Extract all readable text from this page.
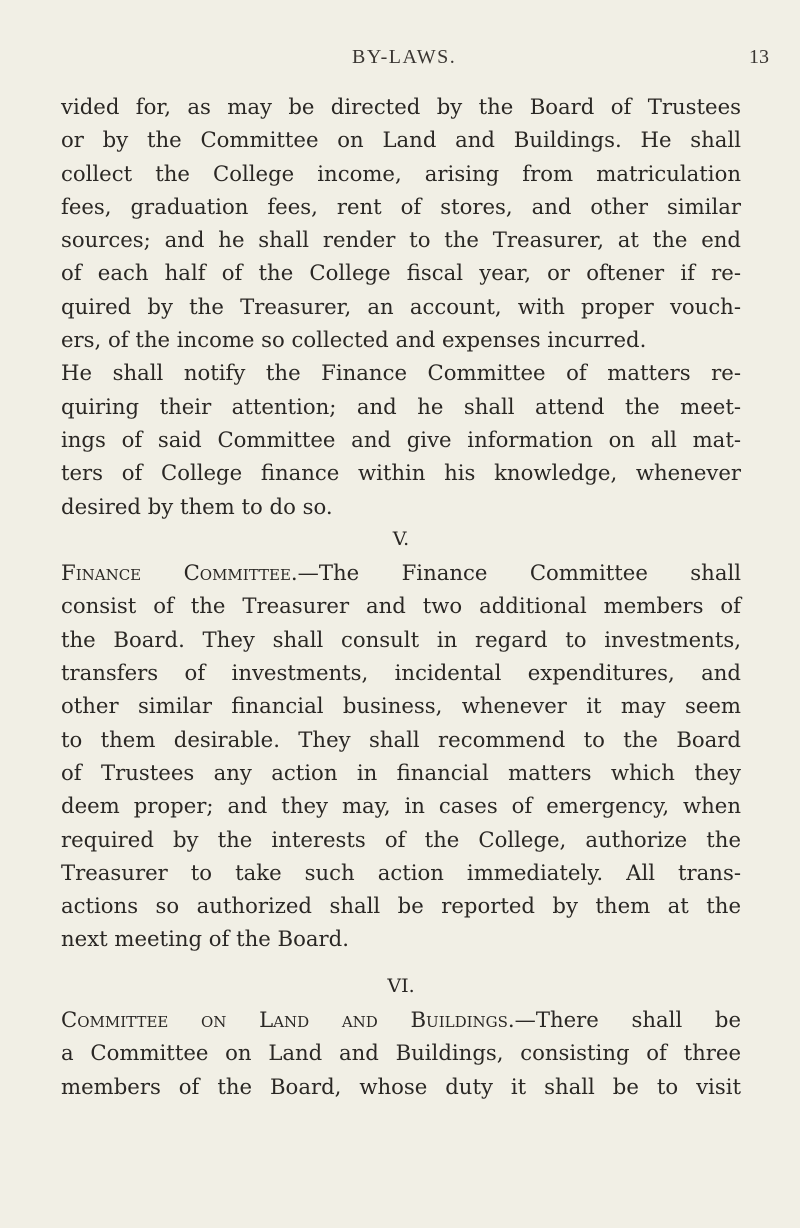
BY-LAWS.	13
vided for, as may be directed by the Board of Trustees
or by the Committee on Land and Buildings. He shall
collect the College income, arising from matriculation
fees, graduation fees, rent of stores, and other similar
sources; and he shall render to the Treasurer, at the end
of each half of the College fiscal year, or oftener if re-
quired by the Treasurer, an account, with proper vouch-
ers, of the income so collected and expenses incurred.
He shall notify the Finance Committee of matters re-
quiring their attention; and he shall attend the meet-
ings of said Committee and give information on all mat-
ters of College finance within his knowledge, whenever
desired by them to do so.
V.
Finance Committee.—The Finance Committee shall
consist of the Treasurer and two additional members of
the Board. They shall consult in regard to investments,
transfers of investments, incidental expenditures, and
other similar financial business, whenever it may seem
to them desirable. They shall recommend to the Board
of Trustees any action in financial matters which they
deem proper; and they may, in cases of emergency, when
required by the interests of the College, authorize the
Treasurer to take such action immediately. All trans-
actions so authorized shall be reported by them at the
next meeting of the Board.
VI.
Committee on Land and Buildings.—There shall be
a Committee on Land and Buildings, consisting of three
members of the Board, whose duty it shall be to visit
